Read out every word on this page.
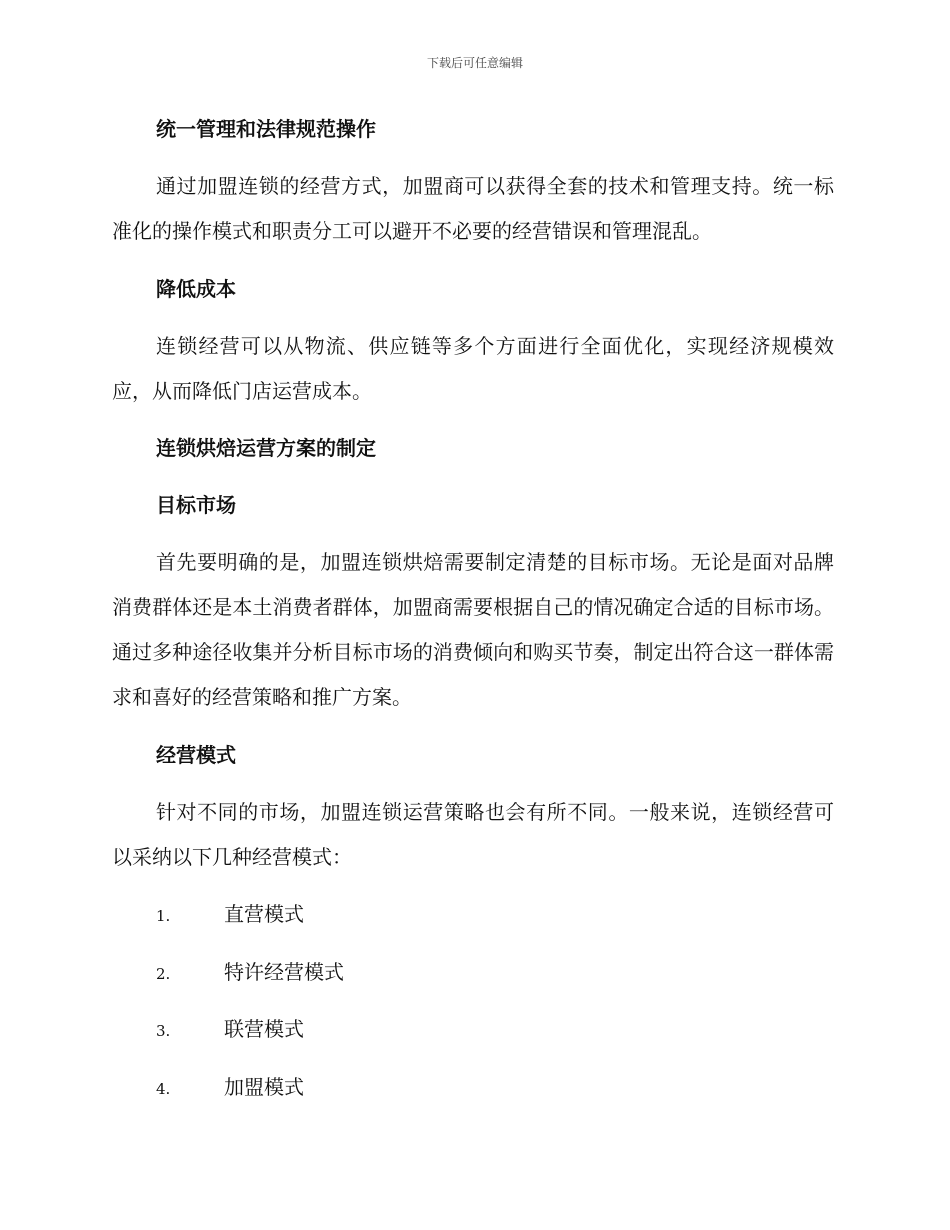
下载后可任意编辑
统一管理和法律规范操作
通过加盟连锁的经营方式，加盟商可以获得全套的技术和管理支持。统一标准化的操作模式和职责分工可以避开不必要的经营错误和管理混乱。
降低成本
连锁经营可以从物流、供应链等多个方面进行全面优化，实现经济规模效应，从而降低门店运营成本。
连锁烘焙运营方案的制定
目标市场
首先要明确的是，加盟连锁烘焙需要制定清楚的目标市场。无论是面对品牌消费群体还是本土消费者群体，加盟商需要根据自己的情况确定合适的目标市场。通过多种途径收集并分析目标市场的消费倾向和购买节奏，制定出符合这一群体需求和喜好的经营策略和推广方案。
经营模式
针对不同的市场，加盟连锁运营策略也会有所不同。一般来说，连锁经营可以采纳以下几种经营模式：
1.	直营模式
2.	特许经营模式
3.	联营模式
4.	加盟模式
